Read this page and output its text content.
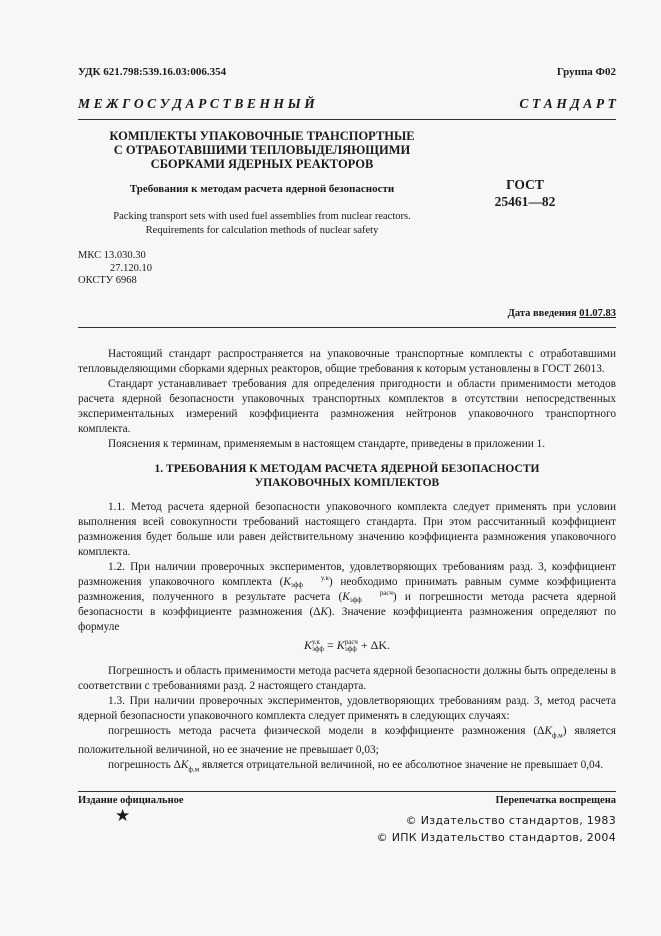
УДК 621.798:539.16.03:006.354	Группа Ф02
М Е Ж Г О С У Д А Р С Т В Е Н Н Ы Й	С Т А Н Д А Р Т
КОМПЛЕКТЫ УПАКОВОЧНЫЕ ТРАНСПОРТНЫЕ
С ОТРАБОТАВШИМИ ТЕПЛОВЫДЕЛЯЮЩИМИ
СБОРКАМИ ЯДЕРНЫХ РЕАКТОРОВ
Требования к методам расчета ядерной безопасности
Packing transport sets with used fuel assemblies from nuclear reactors.
Requirements for calculation methods of nuclear safety
ГОСТ
25461—82
МКС 13.030.30
27.120.10
ОКСТУ 6968
Дата введения 01.07.83

Настоящий стандарт распространяется на упаковочные транспортные комплекты с отработавшими тепловыделяющими сборками ядерных реакторов, общие требования к которым установлены в ГОСТ 26013.

Стандарт устанавливает требования для определения пригодности и области применимости методов расчета ядерной безопасности упаковочных транспортных комплектов в отсутствии непосредственных экспериментальных измерений коэффициента размножения нейтронов упаковочного транспортного комплекта.

Пояснения к терминам, применяемым в настоящем стандарте, приведены в приложении 1.

1. ТРЕБОВАНИЯ К МЕТОДАМ РАСЧЕТА ЯДЕРНОЙ БЕЗОПАСНОСТИ
УПАКОВОЧНЫХ КОМПЛЕКТОВ

1.1. Метод расчета ядерной безопасности упаковочного комплекта следует применять при условии выполнения всей совокупности требований настоящего стандарта. При этом рассчитанный коэффициент размножения будет больше или равен действительному значению коэффициента размножения упаковочного комплекта.

1.2. При наличии проверочных экспериментов, удовлетворяющих требованиям разд. 3, коэффициент размножения упаковочного комплекта (K	у.к
эфф ) необходимо принимать равным сумме коэффициента размножения, полученного в результате расчета (K	расч
эфф	) и погрешности метода расчета ядерной безопасности в коэффициенте размножения (ΔK). Значение коэффициента размножения определяют по формуле

Kу.к
эфф = Kрасч
эфф + ΔK.

Погрешность и область применимости метода расчета ядерной безопасности должны быть определены в соответствии с требованиями разд. 2 настоящего стандарта.

1.3. При наличии проверочных экспериментов, удовлетворяющих требованиям разд. 3, метод расчета ядерной безопасности упаковочного комплекта следует применять в следующих случаях:

погрешность метода расчета физической модели в коэффициенте размножения $(\Delta K_{ф.м})$ является положительной величиной, но ее значение не превышает 0,03;

погрешность $\Delta K_{ф.м}$ является отрицательной величиной, но ее абсолютное значение не превышает 0,04.

Издание официальное	Перепечатка воспрещена
★	© Издательство стандартов, 1983
© ИПК Издательство стандартов, 2004
